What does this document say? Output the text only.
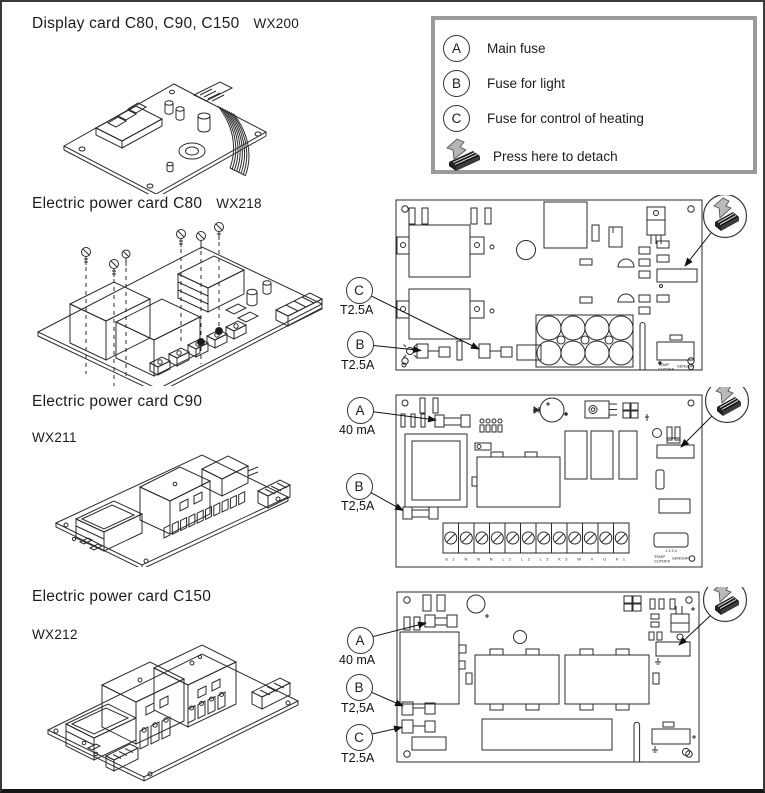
Display card C80, C90, C150 WX200
Electric power card C80 WX218
Electric power card C90
WX211
Electric power card C150
WX212
A	Main fuse
B	Fuse for light
C	Fuse for control of heating
Press here to detach
TEMP
CUTOFF
SENSOR
G2 N N N L1 L2 L3 K3 W V U K1
1 2 3 4
TEMP
CUTOFF
SENSOR
C
T2.5A
B
T2.5A
A
40 mA
B
T2,5A
A
40 mA
B
T2,5A
C
T2.5A
